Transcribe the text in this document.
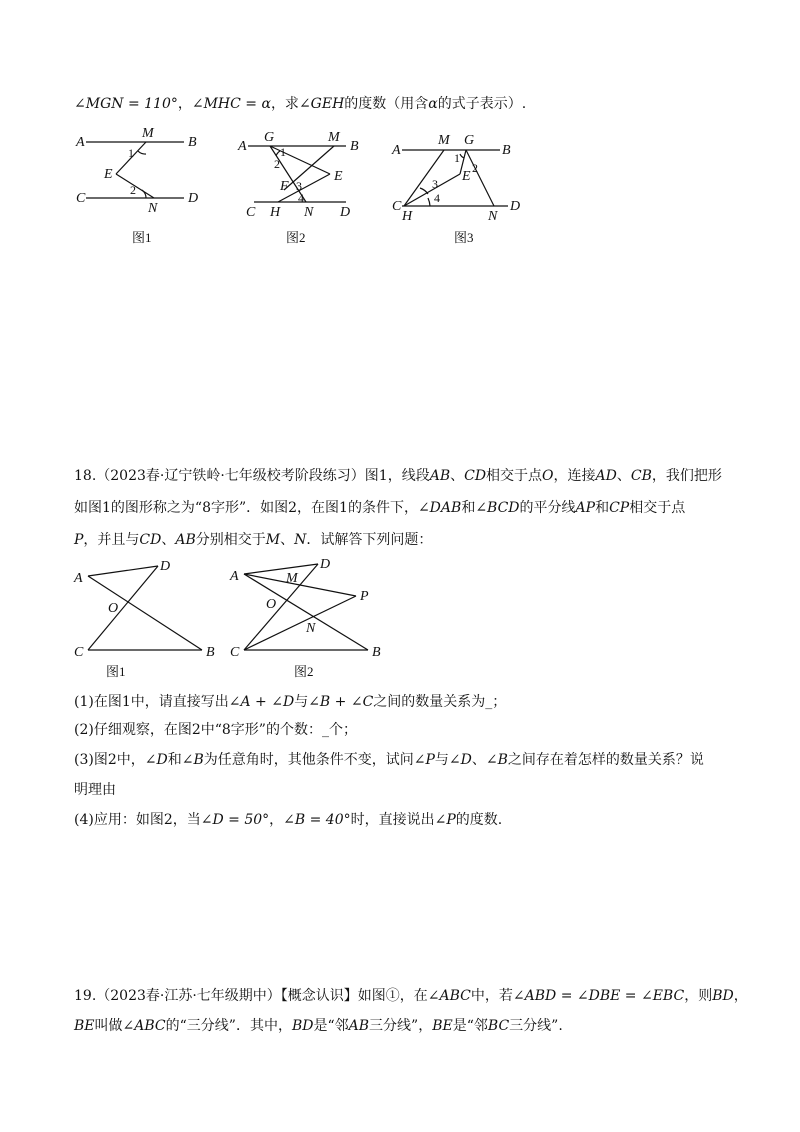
∠MGN = 110°，∠MHC = α，求∠GEH的度数（用含α的式子表示）.
A	B
C	D
M
N
E
1
2
图1
A	B
C	D
G	M
E
F
H N
1
2
3
4
图2
A	B
C	D
M G
E
H	N
1
2
3
4
图3
18.（2023春·辽宁铁岭·七年级校考阶段练习）图1，线段AB、CD相交于点O，连接AD、CB，我们把形
如图1的图形称之为“8字形”．如图2，在图1的条件下，∠DAB和∠BCD的平分线AP和CP相交于点
P，并且与CD、AB分别相交于M、N．试解答下列问题：
A
D
O
C	B
图1
A
D
M
O
P
N
C	B
图2
(1)在图1中，请直接写出∠A + ∠D与∠B + ∠C之间的数量关系为_；
(2)仔细观察，在图2中“8字形”的个数：_个；
(3)图2中，∠D和∠B为任意角时，其他条件不变，试问∠P与∠D、∠B之间存在着怎样的数量关系？说
明理由
(4)应用：如图2，当∠D = 50°，∠B = 40°时，直接说出∠P的度数.
19.（2023春·江苏·七年级期中）【概念认识】如图①，在∠ABC中，若∠ABD = ∠DBE = ∠EBC，则BD，
BE叫做∠ABC的“三分线”．其中，BD是“邻AB三分线”，BE是“邻BC三分线”.
